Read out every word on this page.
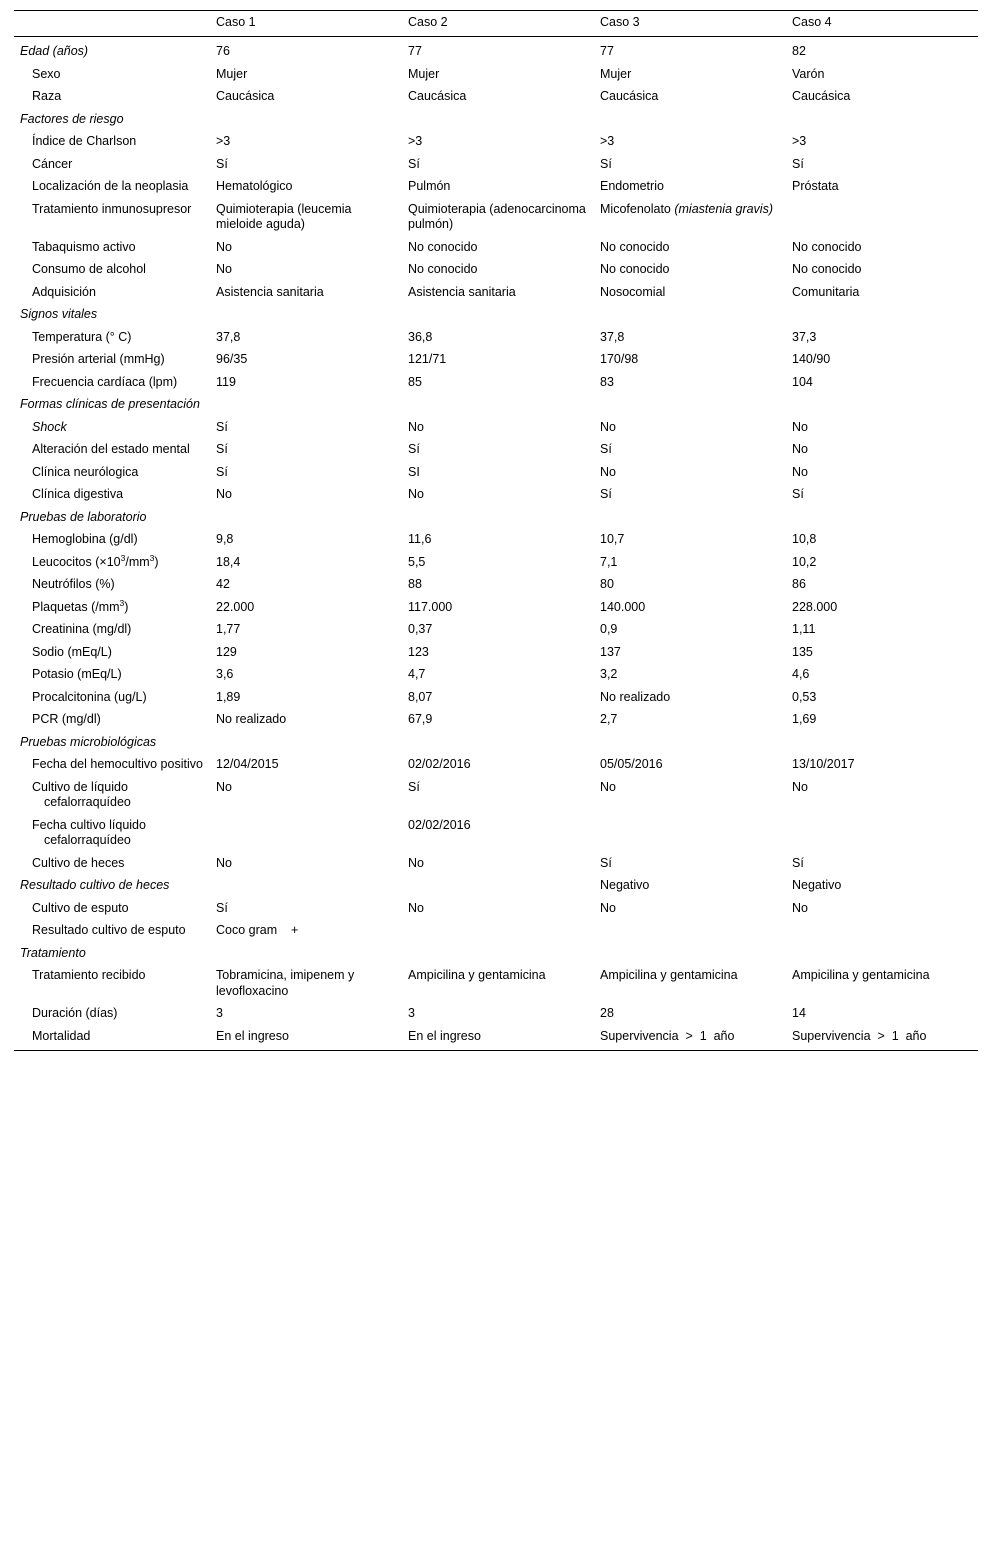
	Caso 1	Caso 2	Caso 3	Caso 4
Edad (años)	76	77	77	82
Sexo	Mujer	Mujer	Mujer	Varón
Raza	Caucásica	Caucásica	Caucásica	Caucásica
Factores de riesgo				
Índice de Charlson	>3	>3	>3	>3
Cáncer	Sí	Sí	Sí	Sí
Localización de la neoplasia	Hematológico	Pulmón	Endometrio	Próstata
Tratamiento inmunosupresor	Quimioterapia (leucemia mieloide aguda)	Quimioterapia (adenocarcinoma pulmón)	Micofenolato (miastenia gravis)	
Tabaquismo activo	No	No conocido	No conocido	No conocido
Consumo de alcohol	No	No conocido	No conocido	No conocido
Adquisición	Asistencia sanitaria	Asistencia sanitaria	Nosocomial	Comunitaria
Signos vitales				
Temperatura (° C)	37,8	36,8	37,8	37,3
Presión arterial (mmHg)	96/35	121/71	170/98	140/90
Frecuencia cardíaca (lpm)	119	85	83	104
Formas clínicas de presentación				
Shock	Sí	No	No	No
Alteración del estado mental	Sí	Sí	Sí	No
Clínica neurólogica	Sí	SI	No	No
Clínica digestiva	No	No	Sí	Sí
Pruebas de laboratorio				
Hemoglobina (g/dl)	9,8	11,6	10,7	10,8
Leucocitos $(\times 10^3/mm^3)$	18,4	5,5	7,1	10,2
Neutrófilos (%)	42	88	80	86
Plaquetas $(/mm^3)$	22.000	117.000	140.000	228.000
Creatinina (mg/dl)	1,77	0,37	0,9	1,11
Sodio (mEq/L)	129	123	137	135
Potasio (mEq/L)	3,6	4,7	3,2	4,6
Procalcitonina (ug/L)	1,89	8,07	No realizado	0,53
PCR (mg/dl)	No realizado	67,9	2,7	1,69
Pruebas microbiológicas				
Fecha del hemocultivo positivo	12/04/2015	02/02/2016	05/05/2016	13/10/2017
Cultivo de líquido cefalorraquídeo	No	Sí	No	No
Fecha cultivo líquido cefalorraquídeo		02/02/2016		
Cultivo de heces	No	No	Sí	Sí
Resultado cultivo de heces			Negativo	Negativo
Cultivo de esputo	Sí	No	No	No
Resultado cultivo de esputo	Coco gram    +			
Tratamiento				
Tratamiento recibido	Tobramicina, imipenem y levofloxacino	Ampicilina y gentamicina	Ampicilina y gentamicina	Ampicilina y gentamicina
Duración (días)	3	3	28	14
Mortalidad	En el ingreso	En el ingreso	Supervivencia  >  1  año	Supervivencia  >  1  año
